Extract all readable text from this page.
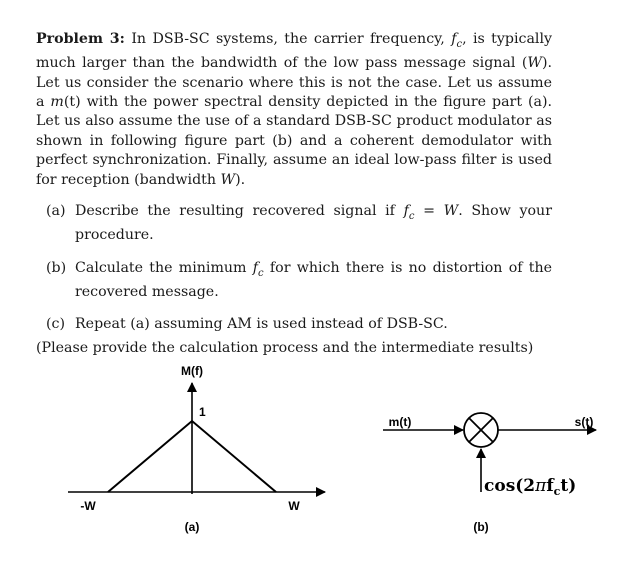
Problem 3: In DSB-SC systems, the carrier frequency, $f_c$, is typically much larger than the bandwidth of the low pass message signal (W). Let us consider the scenario where this is not the case. Let us assume a m(t) with the power spectral density depicted in the figure part (a). Let us also assume the use of a standard DSB-SC product modulator as shown in following figure part (b) and a coherent demodulator with perfect synchronization. Finally, assume an ideal low-pass filter is used for reception (bandwidth W).
(a) Describe the resulting recovered signal if $f_c = W$. Show your procedure.
(b) Calculate the minimum $f_c$ for which there is no distortion of the recovered message.
(c) Repeat (a) assuming AM is used instead of DSB-SC.
(Please provide the calculation process and the intermediate results)
M(f)
1
-W	W
(a)
m(t)	s(t)
$\cos(2\pi f_ct)$
(b)
